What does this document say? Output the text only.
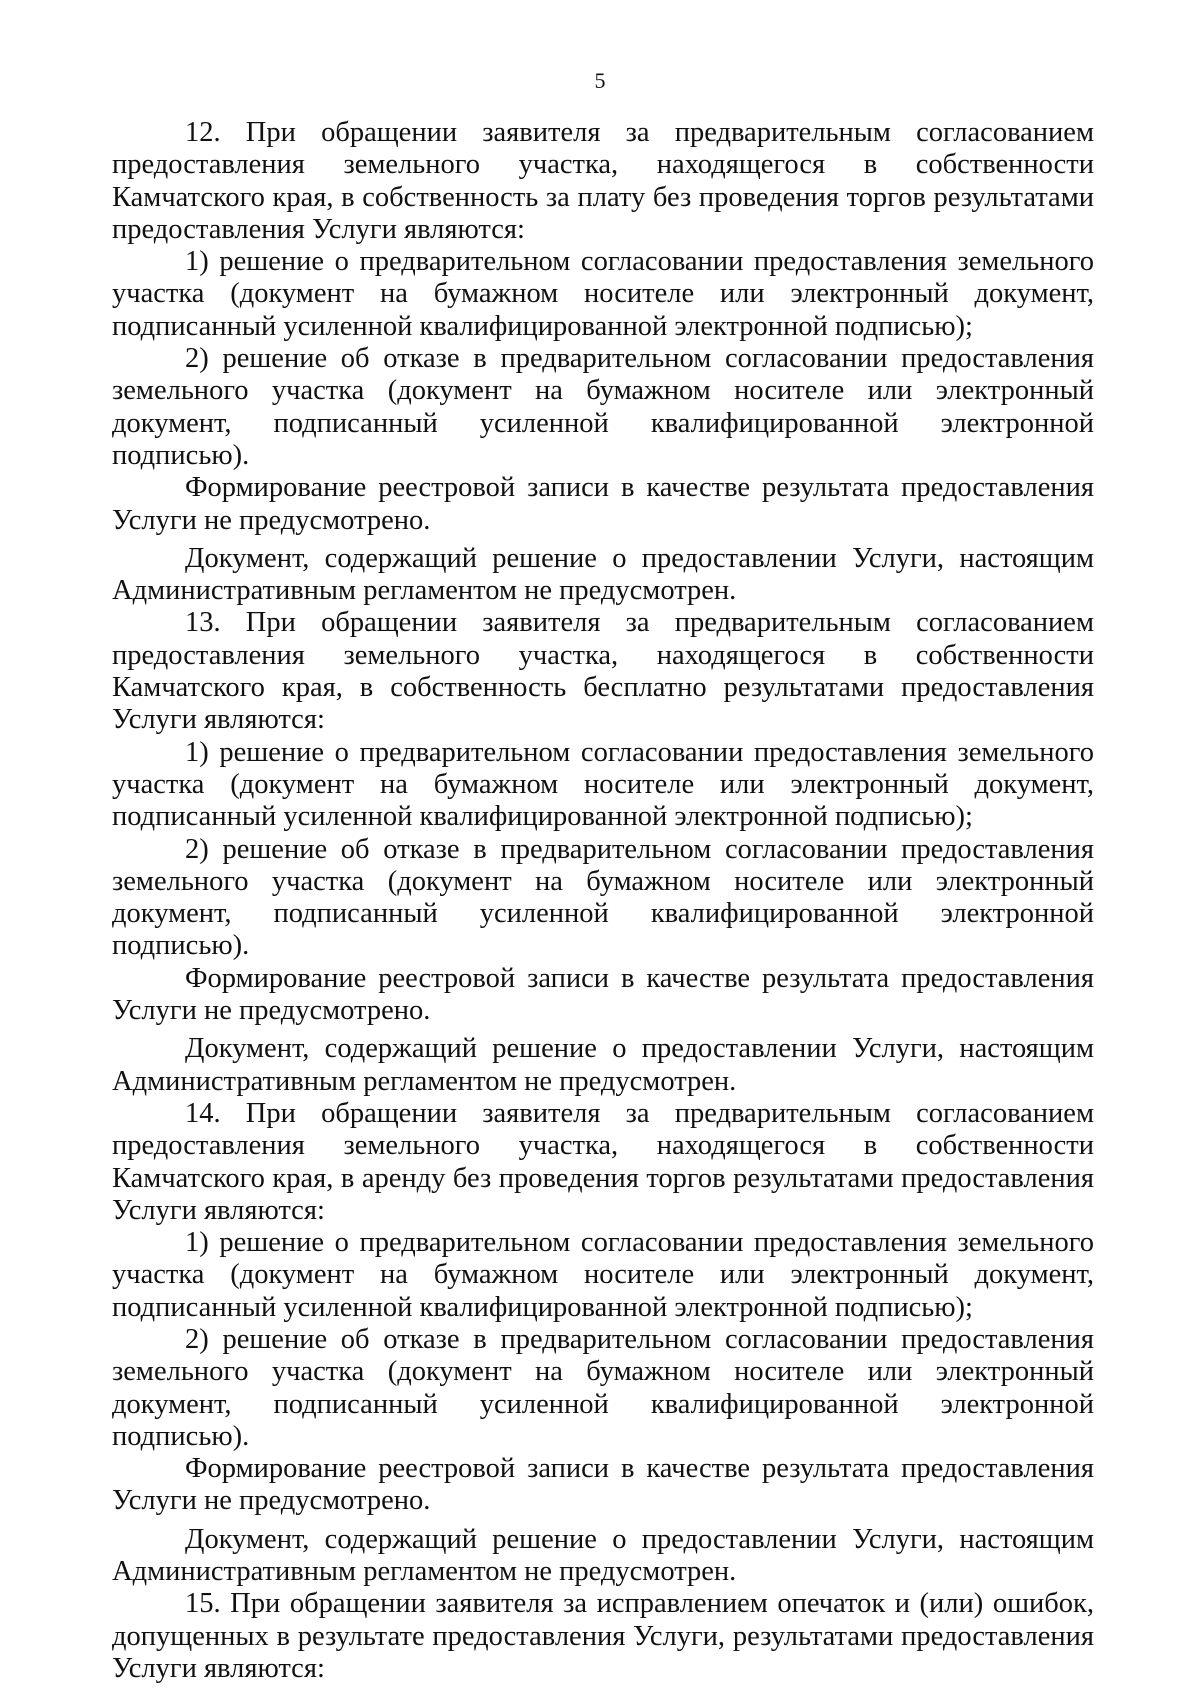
5

12. При обращении заявителя за предварительным согласованием предоставления земельного участка, находящегося в собственности Камчатского края, в собственность за плату без проведения торгов результатами предоставления Услуги являются:

1) решение о предварительном согласовании предоставления земельного участка (документ на бумажном носителе или электронный документ, подписанный усиленной квалифицированной электронной подписью);

2) решение об отказе в предварительном согласовании предоставления земельного участка (документ на бумажном носителе или электронный документ, подписанный усиленной квалифицированной электронной подписью).

Формирование реестровой записи в качестве результата предоставления Услуги не предусмотрено.

Документ, содержащий решение о предоставлении Услуги, настоящим Административным регламентом не предусмотрен.

13. При обращении заявителя за предварительным согласованием предоставления земельного участка, находящегося в собственности Камчатского края, в собственность бесплатно результатами предоставления Услуги являются:

1) решение о предварительном согласовании предоставления земельного участка (документ на бумажном носителе или электронный документ, подписанный усиленной квалифицированной электронной подписью);

2) решение об отказе в предварительном согласовании предоставления земельного участка (документ на бумажном носителе или электронный документ, подписанный усиленной квалифицированной электронной подписью).

Формирование реестровой записи в качестве результата предоставления Услуги не предусмотрено.

Документ, содержащий решение о предоставлении Услуги, настоящим Административным регламентом не предусмотрен.

14. При обращении заявителя за предварительным согласованием предоставления земельного участка, находящегося в собственности Камчатского края, в аренду без проведения торгов результатами предоставления Услуги являются:

1) решение о предварительном согласовании предоставления земельного участка (документ на бумажном носителе или электронный документ, подписанный усиленной квалифицированной электронной подписью);

2) решение об отказе в предварительном согласовании предоставления земельного участка (документ на бумажном носителе или электронный документ, подписанный усиленной квалифицированной электронной подписью).

Формирование реестровой записи в качестве результата предоставления Услуги не предусмотрено.

Документ, содержащий решение о предоставлении Услуги, настоящим Административным регламентом не предусмотрен.

15. При обращении заявителя за исправлением опечаток и (или) ошибок, допущенных в результате предоставления Услуги, результатами предоставления Услуги являются:
